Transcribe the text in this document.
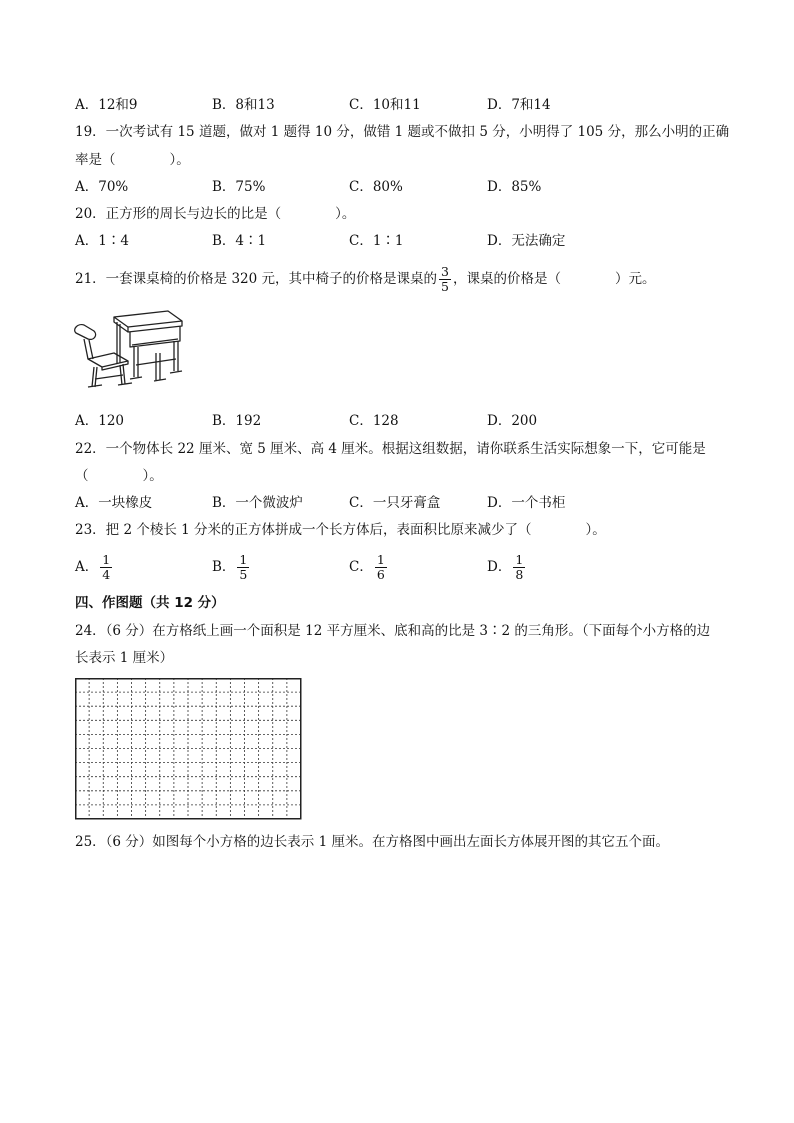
A．12和9	B．8和13	C．10和11	D．7和14
19．一次考试有 15 道题，做对 1 题得 10 分，做错 1 题或不做扣 5 分，小明得了 105 分，那么小明的正确
率是（　　　　）。
A．70%	B．75%	C．80%	D．85%
20．正方形的周长与边长的比是（　　　　）。
A．1∶4	B．4∶1	C．1∶1	D．无法确定
21．一套课桌椅的价格是 320 元，其中椅子的价格是课桌的 $\frac{3}{5}$ ，课桌的价格是（　　　　）元。
A．120	B．192	C．128	D．200
22．一个物体长 22 厘米、宽 5 厘米、高 4 厘米。根据这组数据，请你联系生活实际想象一下，它可能是
（　　　　）。
A．一块橡皮	B．一个微波炉	C．一只牙膏盒	D．一个书柜
23．把 2 个棱长 1 分米的正方体拼成一个长方体后，表面积比原来减少了（　　　　）。
A． $\frac{1}{4}$	B． $\frac{1}{5}$	C． $\frac{1}{6}$	D． $\frac{1}{8}$
四、作图题（共 12 分）
24．（6 分）在方格纸上画一个面积是 12 平方厘米、底和高的比是 3∶2 的三角形。（下面每个小方格的边
长表示 1 厘米）
25．（6 分）如图每个小方格的边长表示 1 厘米。在方格图中画出左面长方体展开图的其它五个面。
